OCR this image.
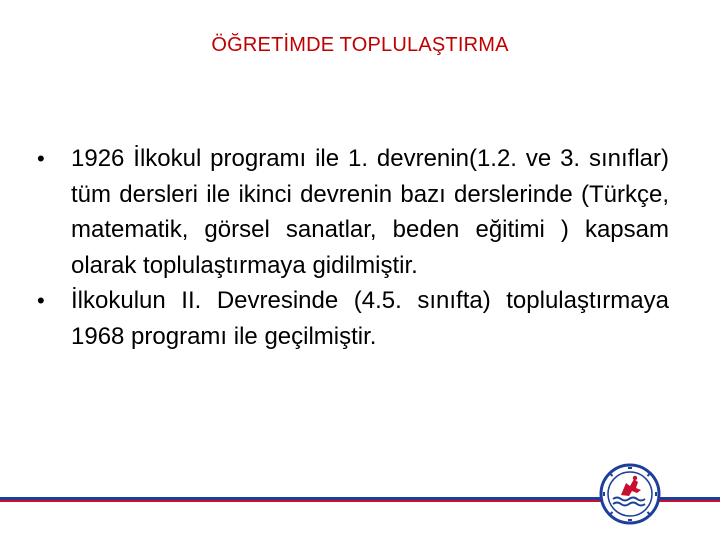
ÖĞRETİMDE TOPLULAŞTIRMA
•	1926 İlkokul programı ile 1. devrenin(1.2. ve 3. sınıflar) tüm dersleri ile ikinci devrenin bazı derslerinde (Türkçe, matematik, görsel sanatlar, beden eğitimi ) kapsam olarak toplulaştırmaya gidilmiştir.
•	İlkokulun II. Devresinde (4.5. sınıfta) toplulaştırmaya 1968 programı ile geçilmiştir.
